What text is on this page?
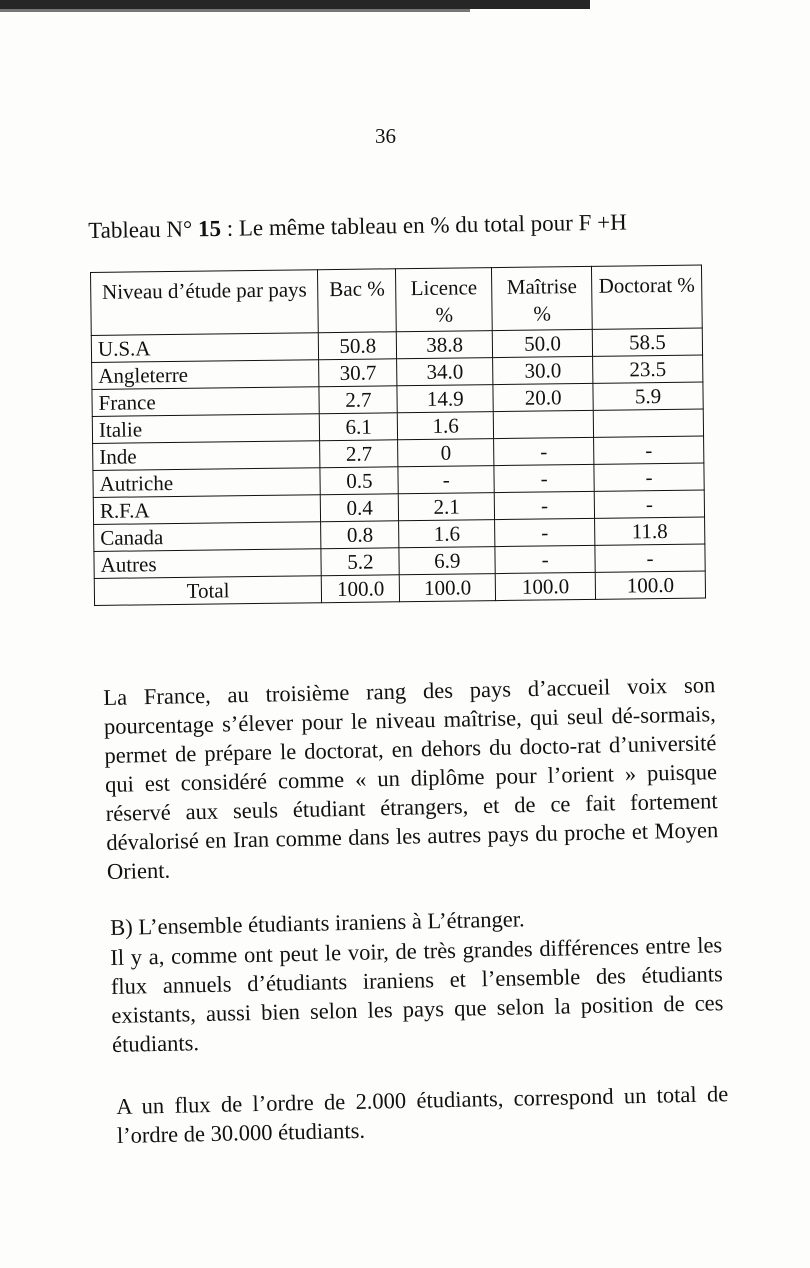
36
Tableau N° 15 : Le même tableau en % du total pour F +H
Niveau d’étude par pays	Bac %	Licence %	Maîtrise %	Doctorat %
U.S.A	50.8	38.8	50.0	58.5
Angleterre	30.7	34.0	30.0	23.5
France	2.7	14.9	20.0	5.9
Italie	6.1	1.6		
Inde	2.7	0	-	-
Autriche	0.5	-	-	-
R.F.A	0.4	2.1	-	-
Canada	0.8	1.6	-	11.8
Autres	5.2	6.9	-	-
Total	100.0	100.0	100.0	100.0
La France, au troisième rang des pays d’accueil voix son pourcentage s’élever pour le niveau maîtrise, qui seul dé-sormais, permet de prépare le doctorat, en dehors du docto-rat d’université qui est considéré comme « un diplôme pour l’orient » puisque réservé aux seuls étudiant étrangers, et de ce fait fortement dévalorisé en Iran comme dans les autres pays du proche et Moyen Orient.
B) L’ensemble étudiants iraniens à L’étranger.
Il y a, comme ont peut le voir, de très grandes différences entre les flux annuels d’étudiants iraniens et l’ensemble des étudiants existants, aussi bien selon les pays que selon la position de ces étudiants.
A un flux de l’ordre de 2.000 étudiants, correspond un total de l’ordre de 30.000 étudiants.
